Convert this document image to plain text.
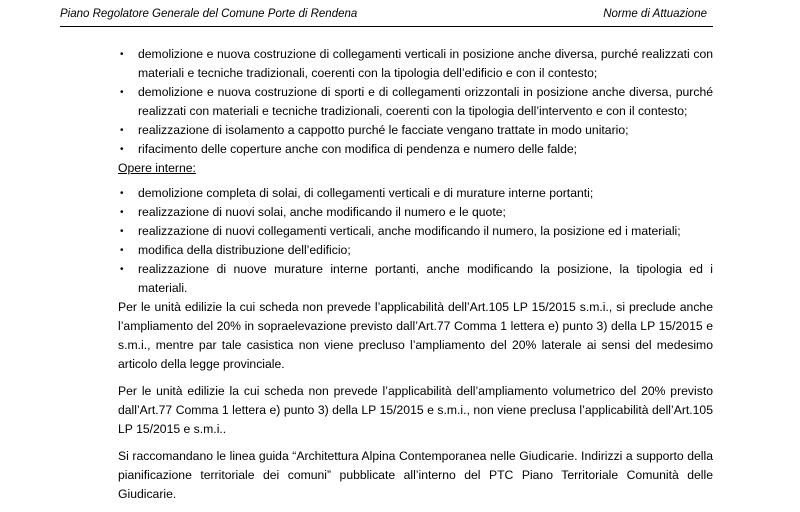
Piano Regolatore Generale del Comune Porte di Rendena	Norme di Attuazione
• demolizione e nuova costruzione di collegamenti verticali in posizione anche diversa, purché realizzati con materiali e tecniche tradizionali, coerenti con la tipologia dell’edificio e con il contesto;
• demolizione e nuova costruzione di sporti e di collegamenti orizzontali in posizione anche diversa, purché realizzati con materiali e tecniche tradizionali, coerenti con la tipologia dell’intervento e con il contesto;
• realizzazione di isolamento a cappotto purché le facciate vengano trattate in modo unitario;
• rifacimento delle coperture anche con modifica di pendenza e numero delle falde;
Opere interne:
• demolizione completa di solai, di collegamenti verticali e di murature interne portanti;
• realizzazione di nuovi solai, anche modificando il numero e le quote;
• realizzazione di nuovi collegamenti verticali, anche modificando il numero, la posizione ed i materiali;
• modifica della distribuzione dell’edificio;
• realizzazione di nuove murature interne portanti, anche modificando la posizione, la tipologia ed i materiali.

Per le unità edilizie la cui scheda non prevede l’applicabilità dell’Art.105 LP 15/2015 s.m.i., si preclude anche l’ampliamento del 20% in sopraelevazione previsto dall’Art.77 Comma 1 lettera e) punto 3) della LP 15/2015 e s.m.i., mentre par tale casistica non viene precluso l’ampliamento del 20% laterale ai sensi del medesimo articolo della legge provinciale.

Per le unità edilizie la cui scheda non prevede l’applicabilità dell’ampliamento volumetrico del 20% previsto dall’Art.77 Comma 1 lettera e) punto 3) della LP 15/2015 e s.m.i., non viene preclusa l’applicabilità dell’Art.105 LP 15/2015 e s.m.i..

Si raccomandano le linea guida “Architettura Alpina Contemporanea nelle Giudicarie. Indirizzi a supporto della pianificazione territoriale dei comuni” pubblicate all’interno del PTC Piano Territoriale Comunità delle Giudicarie.
